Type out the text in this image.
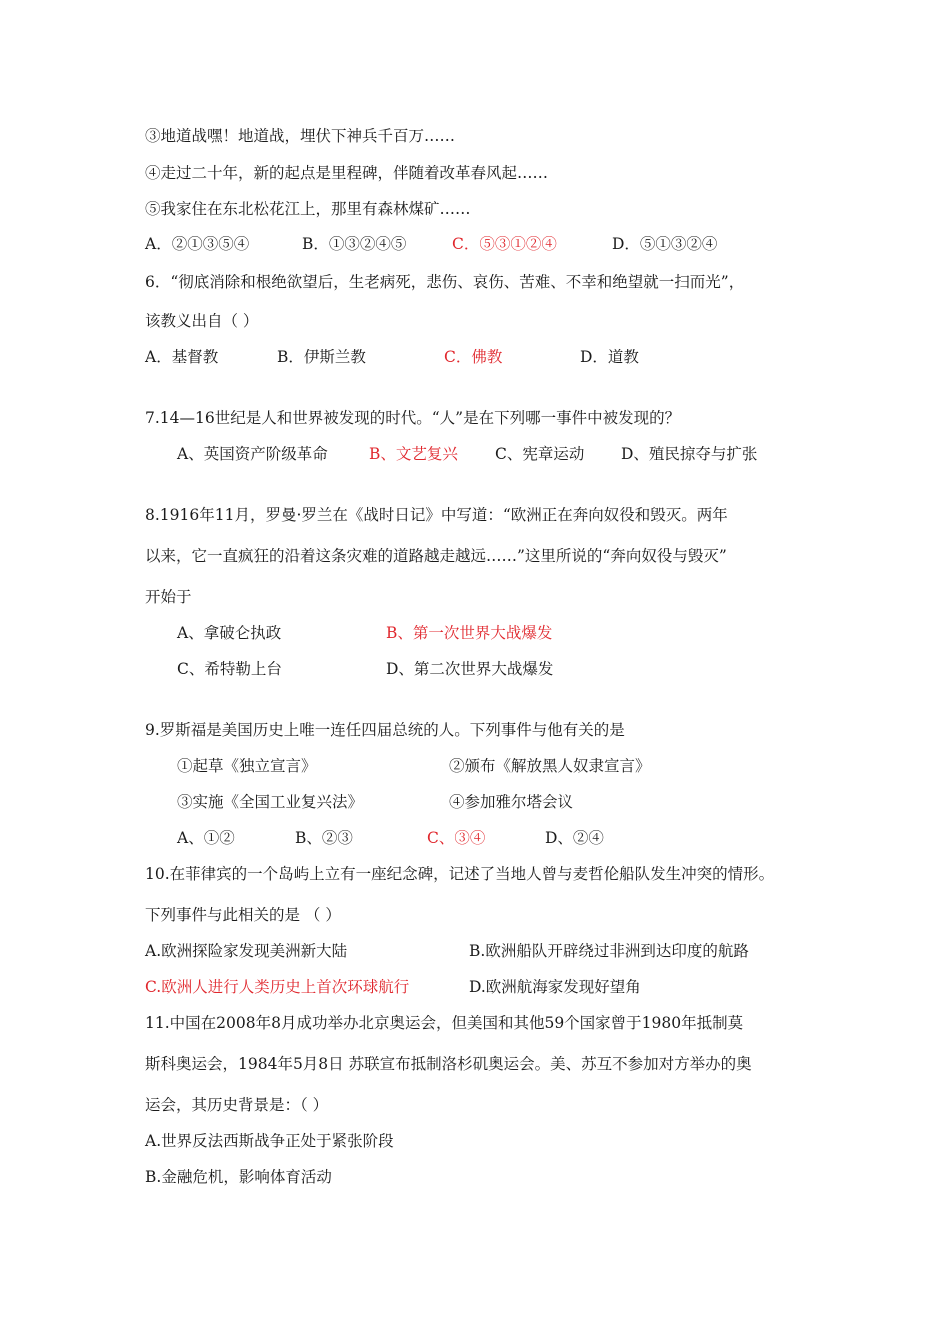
③地道战嘿！地道战，埋伏下神兵千百万……
④走过二十年，新的起点是里程碑，伴随着改革春风起……
⑤我家住在东北松花江上，那里有森林煤矿……
A．②①③⑤④	B．①③②④⑤	C．⑤③①②④	D．⑤①③②④
6．“彻底消除和根绝欲望后，生老病死，悲伤、哀伤、苦难、不幸和绝望就一扫而光”，
该教义出自（ ）
A．基督教	B．伊斯兰教	C．佛教	D．道教
7.14—16世纪是人和世界被发现的时代。“人”是在下列哪一事件中被发现的？
A、英国资产阶级革命	B、文艺复兴 C、宪章运动 D、殖民掠夺与扩张
8.1916年11月，罗曼·罗兰在《战时日记》中写道：“欧洲正在奔向奴役和毁灭。两年
以来，它一直疯狂的沿着这条灾难的道路越走越远……”这里所说的“奔向奴役与毁灭”
开始于
A、拿破仑执政	B、第一次世界大战爆发
C、希特勒上台	D、第二次世界大战爆发
9.罗斯福是美国历史上唯一连任四届总统的人。下列事件与他有关的是
①起草《独立宣言》	②颁布《解放黑人奴隶宣言》
③实施《全国工业复兴法》	④参加雅尔塔会议
A、①②	B、②③	C、③④	D、②④
10.在菲律宾的一个岛屿上立有一座纪念碑，记述了当地人曾与麦哲伦船队发生冲突的情形。
下列事件与此相关的是 （ ）
A.欧洲探险家发现美洲新大陆	B.欧洲船队开辟绕过非洲到达印度的航路
C.欧洲人进行人类历史上首次环球航行	D.欧洲航海家发现好望角
11.中国在2008年8月成功举办北京奥运会，但美国和其他59个国家曾于1980年抵制莫
斯科奥运会，1984年5月8日 苏联宣布抵制洛杉矶奥运会。美、苏互不参加对方举办的奥
运会，其历史背景是：（ ）
A.世界反法西斯战争正处于紧张阶段
B.金融危机，影响体育活动
